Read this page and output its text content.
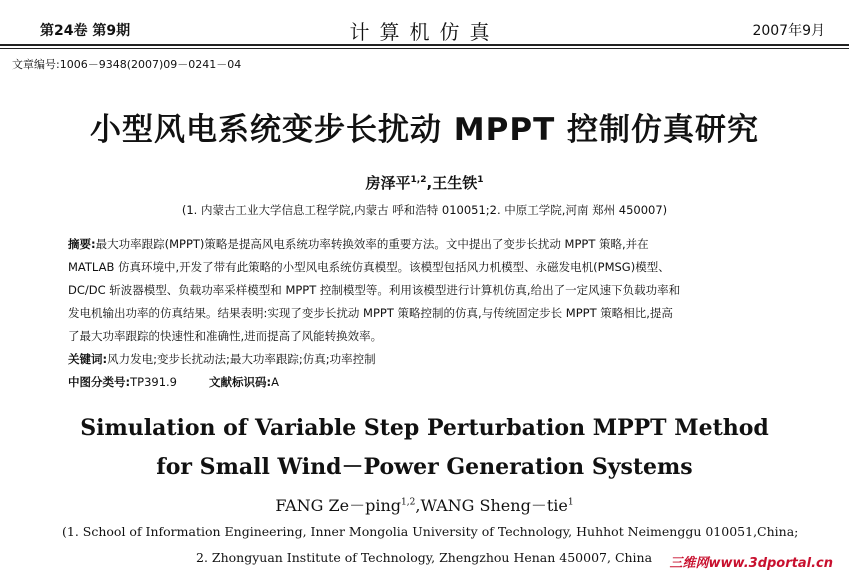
第24卷 第9期	计算机仿真	2007年9月
文章编号:1006－9348(2007)09－0241－04
小型风电系统变步长扰动 MPPT 控制仿真研究
房泽平$^{1,2}$,王生铁$^1$
(1. 内蒙古工业大学信息工程学院,内蒙古 呼和浩特 010051;2. 中原工学院,河南 郑州 450007)
摘要:最大功率跟踪(MPPT)策略是提高风电系统功率转换效率的重要方法。文中提出了变步长扰动 MPPT 策略,并在
MATLAB 仿真环境中,开发了带有此策略的小型风电系统仿真模型。该模型包括风力机模型、永磁发电机(PMSG)模型、
DC/DC 斩波器模型、负载功率采样模型和 MPPT 控制模型等。利用该模型进行计算机仿真,给出了一定风速下负载功率和
发电机输出功率的仿真结果。结果表明:实现了变步长扰动 MPPT 策略控制的仿真,与传统固定步长 MPPT 策略相比,提高
了最大功率跟踪的快速性和准确性,进而提高了风能转换效率。
关键词:风力发电;变步长扰动法;最大功率跟踪;仿真;功率控制
中图分类号:TP391.9	文献标识码:A
Simulation of Variable Step Perturbation MPPT Method
for Small Wind－Power Generation Systems
FANG Ze－ping$^{1,2}$,WANG Sheng－tie$^1$
(1. School of Information Engineering, Inner Mongolia University of Technology, Huhhot Neimenggu 010051,China;
2. Zhongyuan Institute of Technology, Zhengzhou Henan 450007, China 三维网www.3dportal.cn
